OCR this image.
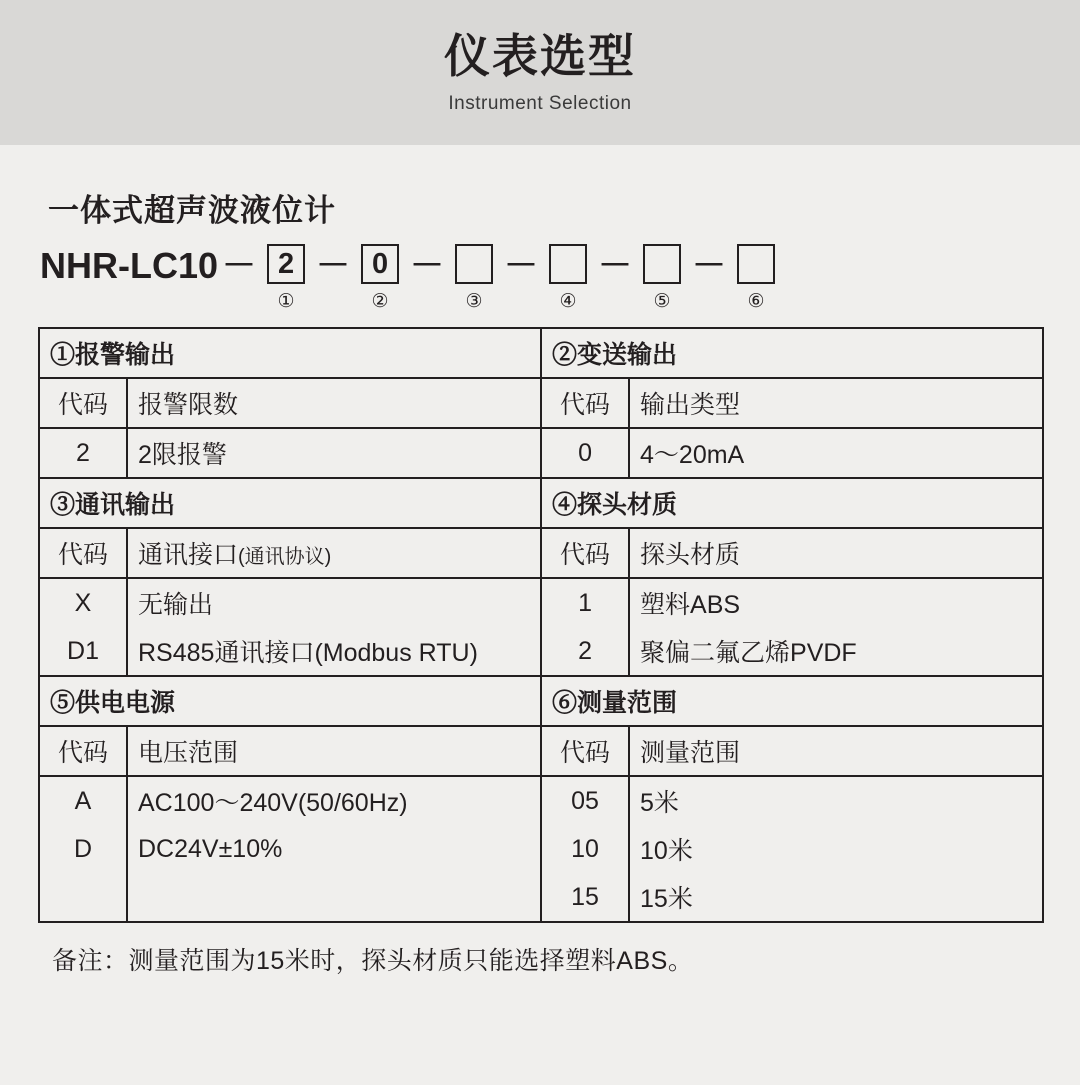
仪表选型
Instrument Selection
一体式超声波液位计
NHR-LC10 － 2
①
－ 0
②
－
③
－
④
－
⑤
－
⑥
①报警输出		②变送输出	
代码	报警限数	代码	输出类型
2	2限报警	0	4～20mA
③通讯输出		④探头材质	
代码	通讯接口(通讯协议)	代码	探头材质
X	无输出	1	塑料ABS
D1	RS485通讯接口(Modbus RTU)	2	聚偏二氟乙烯PVDF
⑤供电电源		⑥测量范围	
代码	电压范围	代码	测量范围
A	AC100～240V(50/60Hz)	05	5米
D	DC24V±10%	10	10米
		15	15米
备注：测量范围为15米时，探头材质只能选择塑料ABS。
